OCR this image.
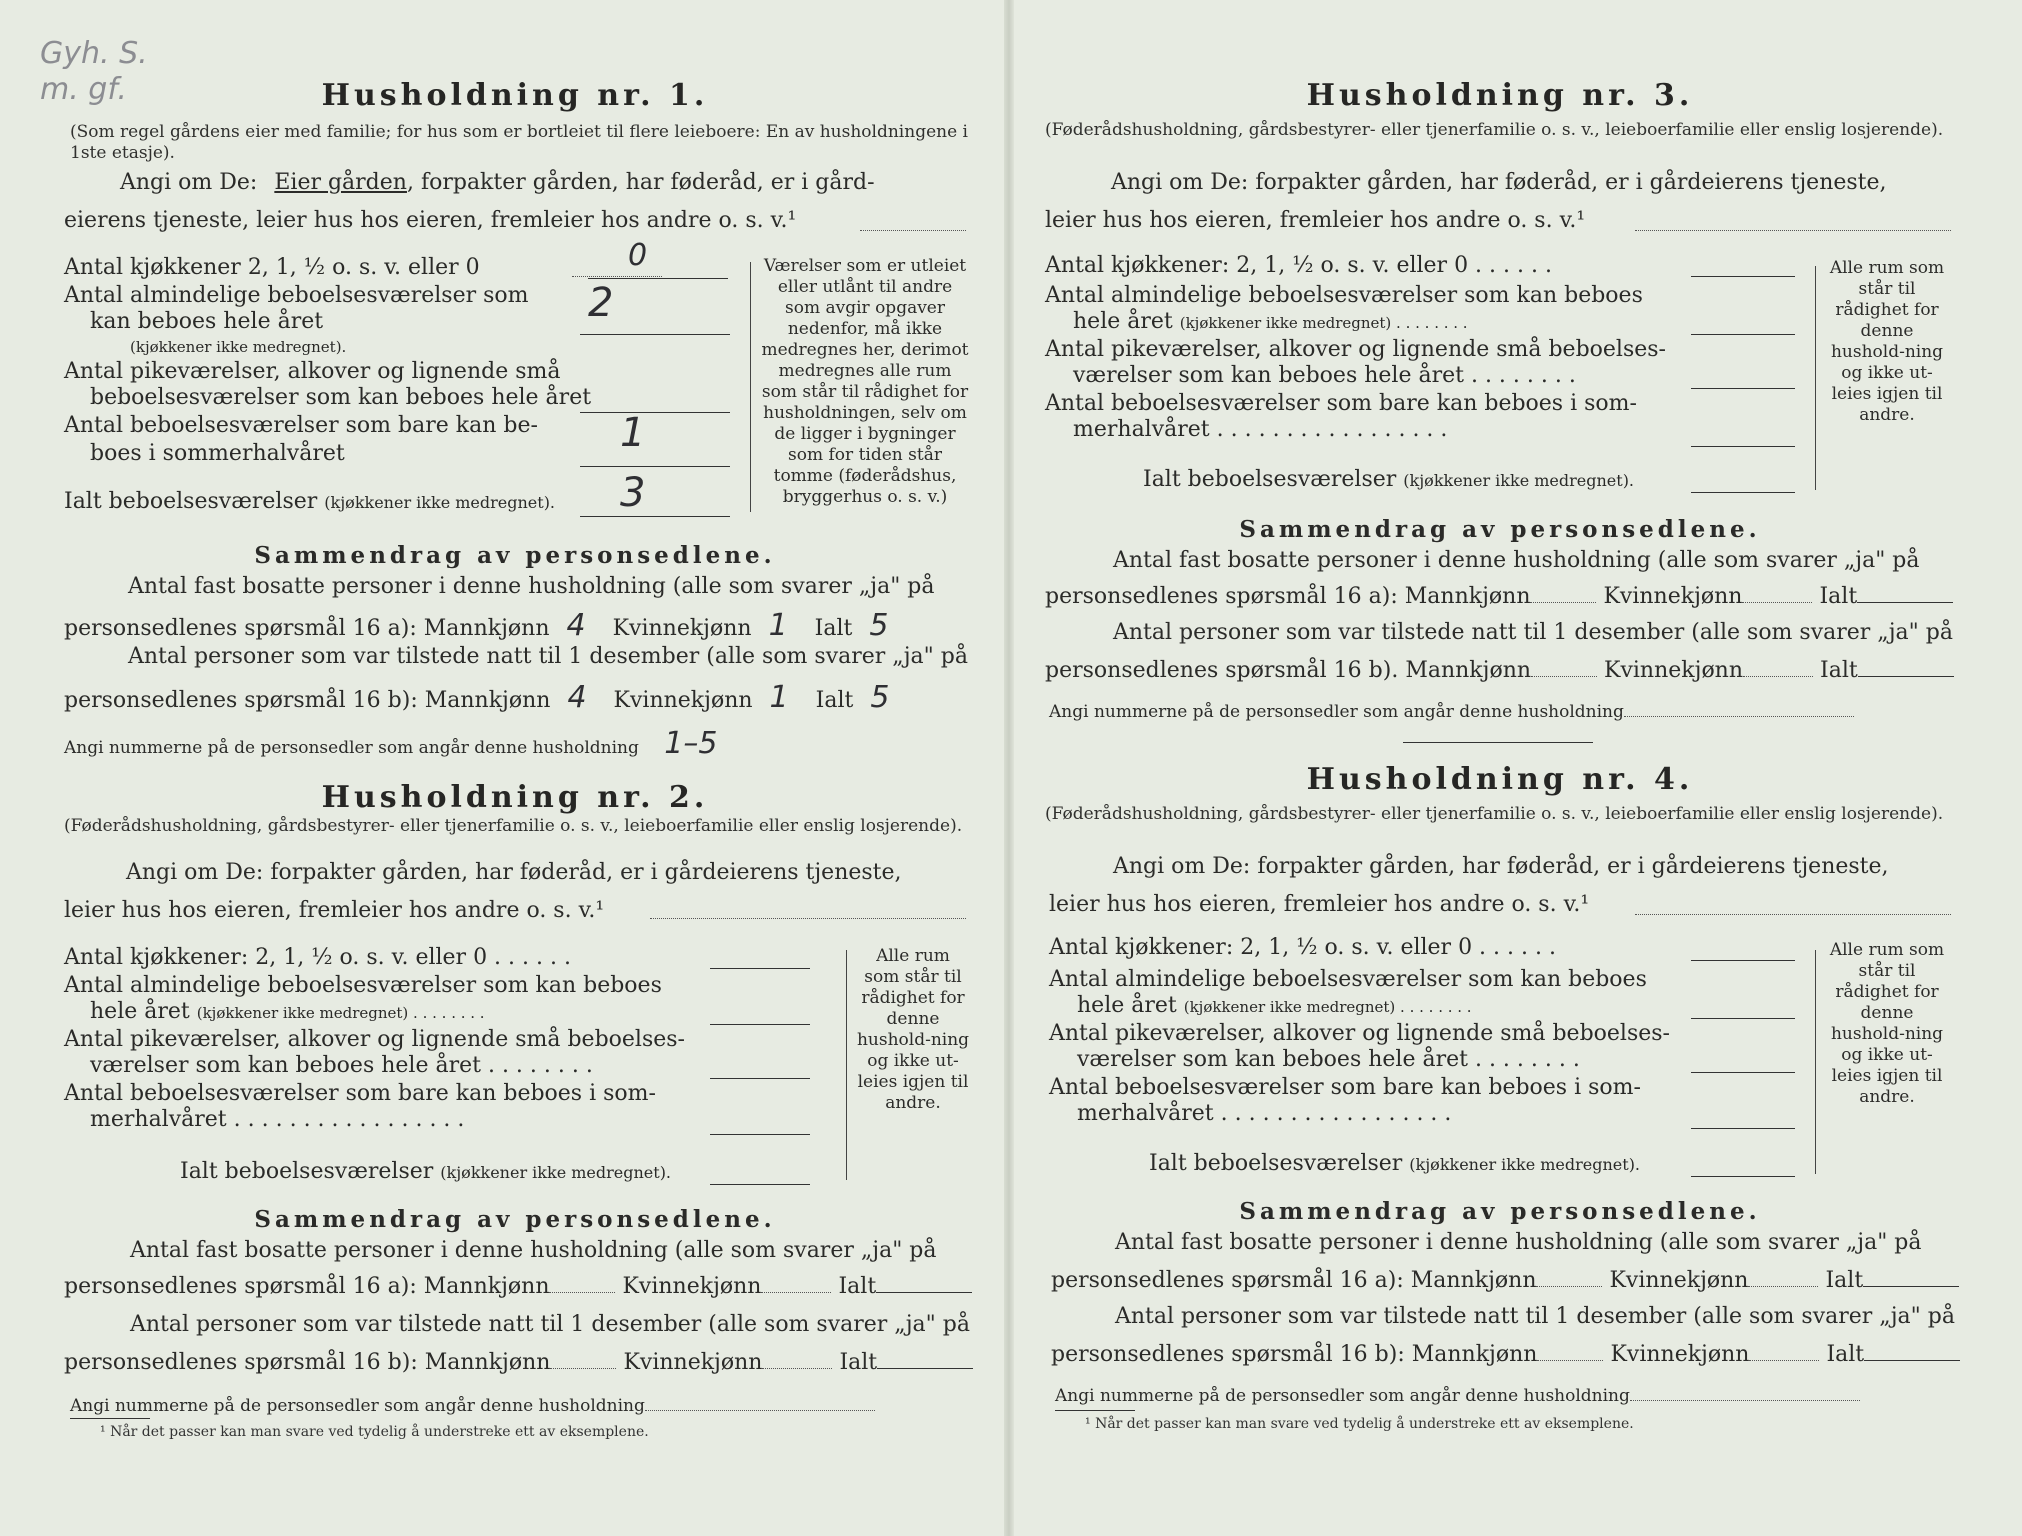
Gyh. S.
m. gf.	Husholdning nr. 1.
(Som regel gårdens eier med familie; for hus som er bortleiet til flere leieboere: En av husholdningene i 1ste etasje).
Angi om De: Eier gården, forpakter gården, har føderåd, er i gård-
eierens tjeneste, leier hus hos eieren, fremleier hos andre o. s. v.¹
Antal kjøkkener 2, 1, ½ o. s. v. eller 0	0
Antal almindelige beboelsesværelser som
kan beboes hele året	2
(kjøkkener ikke medregnet).
Antal pikeværelser, alkover og lignende små
beboelsesværelser som kan beboes hele året
Antal beboelsesværelser som bare kan be-
boes i sommerhalvåret	1
Ialt beboelsesværelser (kjøkkener ikke medregnet). 3
Værelser som er utleiet eller utlånt til andre som avgir opgaver nedenfor, må ikke medregnes her, derimot medregnes alle rum som står til rådighet for husholdningen, selv om de ligger i bygninger som for tiden står tomme (føderådshus, bryggerhus o. s. v.)
Sammendrag av personsedlene.
Antal fast bosatte personer i denne husholdning (alle som svarer „ja" på
personsedlenes spørsmål 16 a): Mannkjønn 4 Kvinnekjønn 1 Ialt 5
Antal personer som var tilstede natt til 1 desember (alle som svarer „ja" på
personsedlenes spørsmål 16 b): Mannkjønn 4 Kvinnekjønn 1 Ialt 5
Angi nummerne på de personsedler som angår denne husholdning 1–5
Husholdning nr. 2.
(Føderådshusholdning, gårdsbestyrer- eller tjenerfamilie o. s. v., leieboerfamilie eller enslig losjerende).
Angi om De: forpakter gården, har føderåd, er i gårdeierens tjeneste,
leier hus hos eieren, fremleier hos andre o. s. v.¹
Antal kjøkkener: 2, 1, ½ o. s. v. eller 0 . . . . . .
Antal almindelige beboelsesværelser som kan beboes
hele året (kjøkkener ikke medregnet) . . . . . . . .
Antal pikeværelser, alkover og lignende små beboelses-
værelser som kan beboes hele året . . . . . . . .
Antal beboelsesværelser som bare kan beboes i som-
merhalvåret . . . . . . . . . . . . . . . . .
Ialt beboelsesværelser (kjøkkener ikke medregnet).
Alle rum som står til rådighet for denne hushold-ning og ikke ut-leies igjen til andre.
Sammendrag av personsedlene.
Antal fast bosatte personer i denne husholdning (alle som svarer „ja" på
personsedlenes spørsmål 16 a): Mannkjønn	Kvinnekjønn	Ialt
Antal personer som var tilstede natt til 1 desember (alle som svarer „ja" på
personsedlenes spørsmål 16 b): Mannkjønn	Kvinnekjønn	Ialt
Angi nummerne på de personsedler som angår denne husholdning
¹ Når det passer kan man svare ved tydelig å understreke ett av eksemplene.
Husholdning nr. 3.
(Føderådshusholdning, gårdsbestyrer- eller tjenerfamilie o. s. v., leieboerfamilie eller enslig losjerende).
Angi om De: forpakter gården, har føderåd, er i gårdeierens tjeneste,
leier hus hos eieren, fremleier hos andre o. s. v.¹
Antal kjøkkener: 2, 1, ½ o. s. v. eller 0 . . . . . .
Antal almindelige beboelsesværelser som kan beboes
hele året (kjøkkener ikke medregnet) . . . . . . . .
Antal pikeværelser, alkover og lignende små beboelses-
værelser som kan beboes hele året . . . . . . . .
Antal beboelsesværelser som bare kan beboes i som-
merhalvåret . . . . . . . . . . . . . . . . .
Ialt beboelsesværelser (kjøkkener ikke medregnet).
Alle rum som står til rådighet for denne hushold-ning og ikke ut-leies igjen til andre.
Sammendrag av personsedlene.
Antal fast bosatte personer i denne husholdning (alle som svarer „ja" på
personsedlenes spørsmål 16 a): Mannkjønn	Kvinnekjønn	Ialt
Antal personer som var tilstede natt til 1 desember (alle som svarer „ja" på
personsedlenes spørsmål 16 b). Mannkjønn	Kvinnekjønn	Ialt
Angi nummerne på de personsedler som angår denne husholdning
Husholdning nr. 4.
(Føderådshusholdning, gårdsbestyrer- eller tjenerfamilie o. s. v., leieboerfamilie eller enslig losjerende).
Angi om De: forpakter gården, har føderåd, er i gårdeierens tjeneste,
leier hus hos eieren, fremleier hos andre o. s. v.¹
Antal kjøkkener: 2, 1, ½ o. s. v. eller 0 . . . . . .
Antal almindelige beboelsesværelser som kan beboes
hele året (kjøkkener ikke medregnet) . . . . . . . .
Antal pikeværelser, alkover og lignende små beboelses-
værelser som kan beboes hele året . . . . . . . .
Antal beboelsesværelser som bare kan beboes i som-
merhalvåret . . . . . . . . . . . . . . . . .
Ialt beboelsesværelser (kjøkkener ikke medregnet).
Alle rum som står til rådighet for denne hushold-ning og ikke ut-leies igjen til andre.
Sammendrag av personsedlene.
Antal fast bosatte personer i denne husholdning (alle som svarer „ja" på
personsedlenes spørsmål 16 a): Mannkjønn	Kvinnekjønn	Ialt
Antal personer som var tilstede natt til 1 desember (alle som svarer „ja" på
personsedlenes spørsmål 16 b): Mannkjønn	Kvinnekjønn	Ialt
Angi nummerne på de personsedler som angår denne husholdning
¹ Når det passer kan man svare ved tydelig å understreke ett av eksemplene.
